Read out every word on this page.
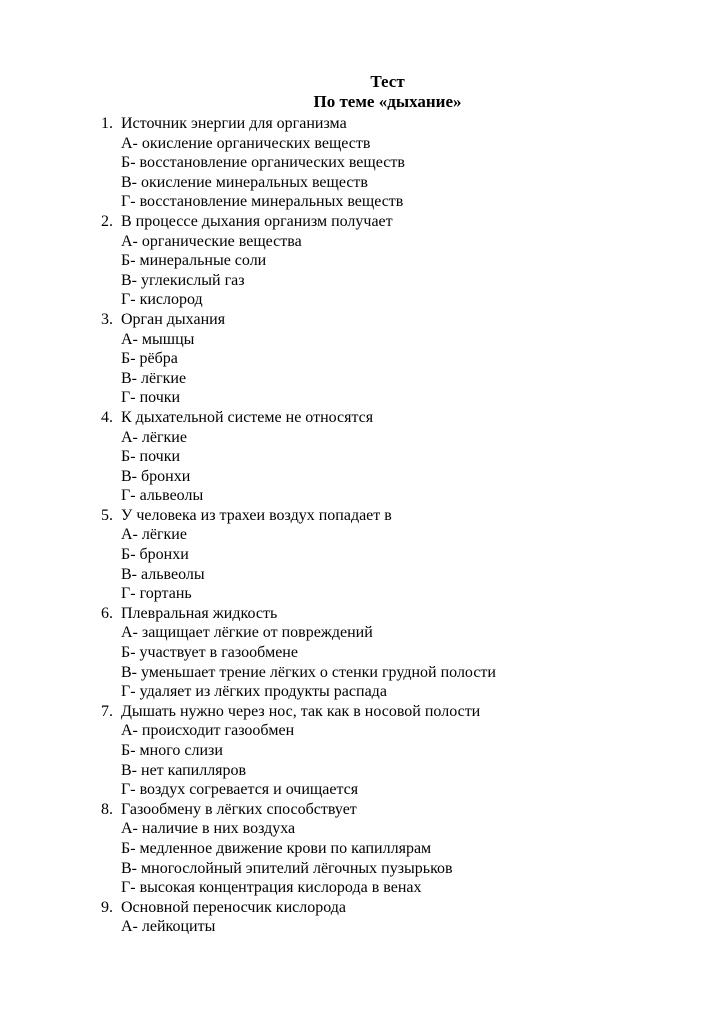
Тест
По теме «дыхание»
1. Источник энергии для организма
А- окисление органических веществ
Б- восстановление органических веществ
В- окисление минеральных веществ
Г- восстановление минеральных веществ
2. В процессе дыхания организм получает
А- органические вещества
Б- минеральные соли
В- углекислый газ
Г- кислород
3. Орган дыхания
А- мышцы
Б- рёбра
В- лёгкие
Г- почки
4. К дыхательной системе не относятся
А- лёгкие
Б- почки
В- бронхи
Г- альвеолы
5. У человека из трахеи воздух попадает в
А- лёгкие
Б- бронхи
В- альвеолы
Г- гортань
6. Плевральная жидкость
А- защищает лёгкие от повреждений
Б- участвует в газообмене
В- уменьшает трение лёгких о стенки грудной полости
Г- удаляет из лёгких продукты распада
7. Дышать нужно через нос, так как в носовой полости
А- происходит газообмен
Б- много слизи
В- нет капилляров
Г- воздух согревается и очищается
8. Газообмену в лёгких способствует
А- наличие в них воздуха
Б- медленное движение крови по капиллярам
В- многослойный эпителий лёгочных пузырьков
Г- высокая концентрация кислорода в венах
9. Основной переносчик кислорода
А- лейкоциты
